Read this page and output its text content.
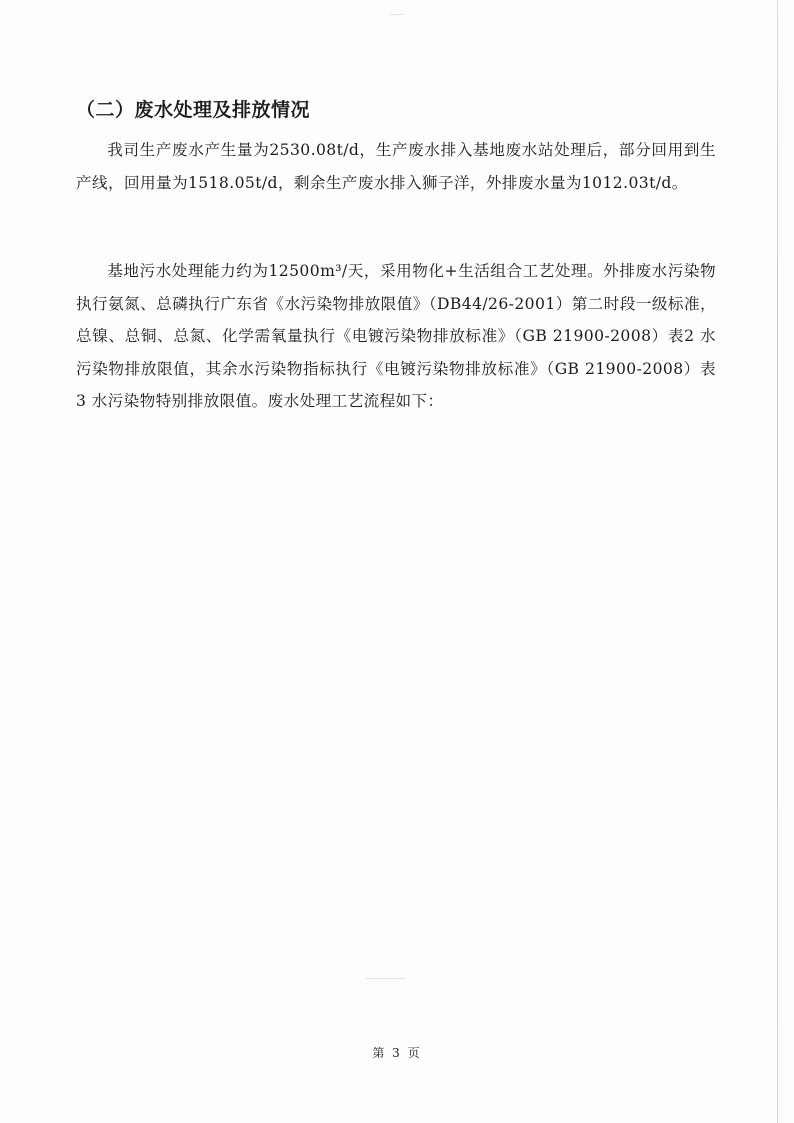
（二）废水处理及排放情况

我司生产废水产生量为2530.08t/d，生产废水排入基地废水站处理后，部分回用到生产线，回用量为1518.05t/d，剩余生产废水排入狮子洋，外排废水量为1012.03t/d。

基地污水处理能力约为12500m³/天，采用物化+生活组合工艺处理。外排废水污染物执行氨氮、总磷执行广东省《水污染物排放限值》（DB44/26-2001）第二时段一级标准，总镍、总铜、总氮、化学需氧量执行《电镀污染物排放标准》（GB 21900-2008）表2 水污染物排放限值，其余水污染物指标执行《电镀污染物排放标准》（GB 21900-2008）表3 水污染物特别排放限值。废水处理工艺流程如下：

第 3 页
